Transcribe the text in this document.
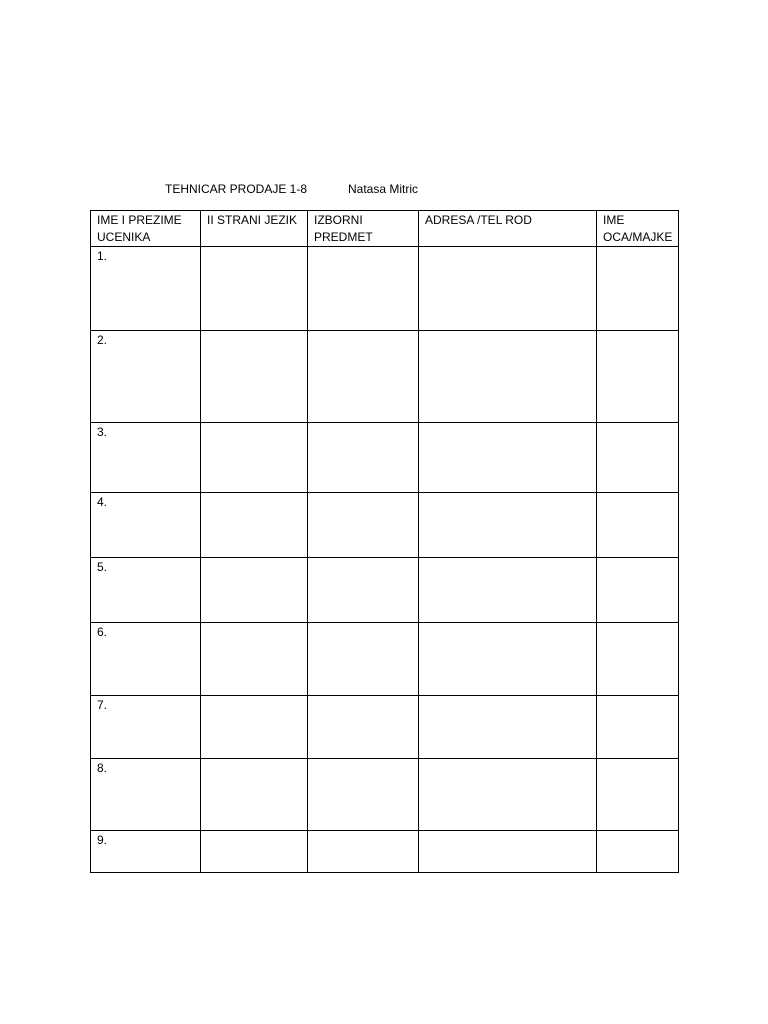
TEHNICAR PRODAJE 1-8	Natasa Mitric
IME I PREZIME UCENIKA	II STRANI JEZIK	IZBORNI PREDMET	ADRESA /TEL ROD	IME OCA/MAJKE
1.				
2.				
3.				
4.				
5.				
6.				
7.				
8.				
9.				
